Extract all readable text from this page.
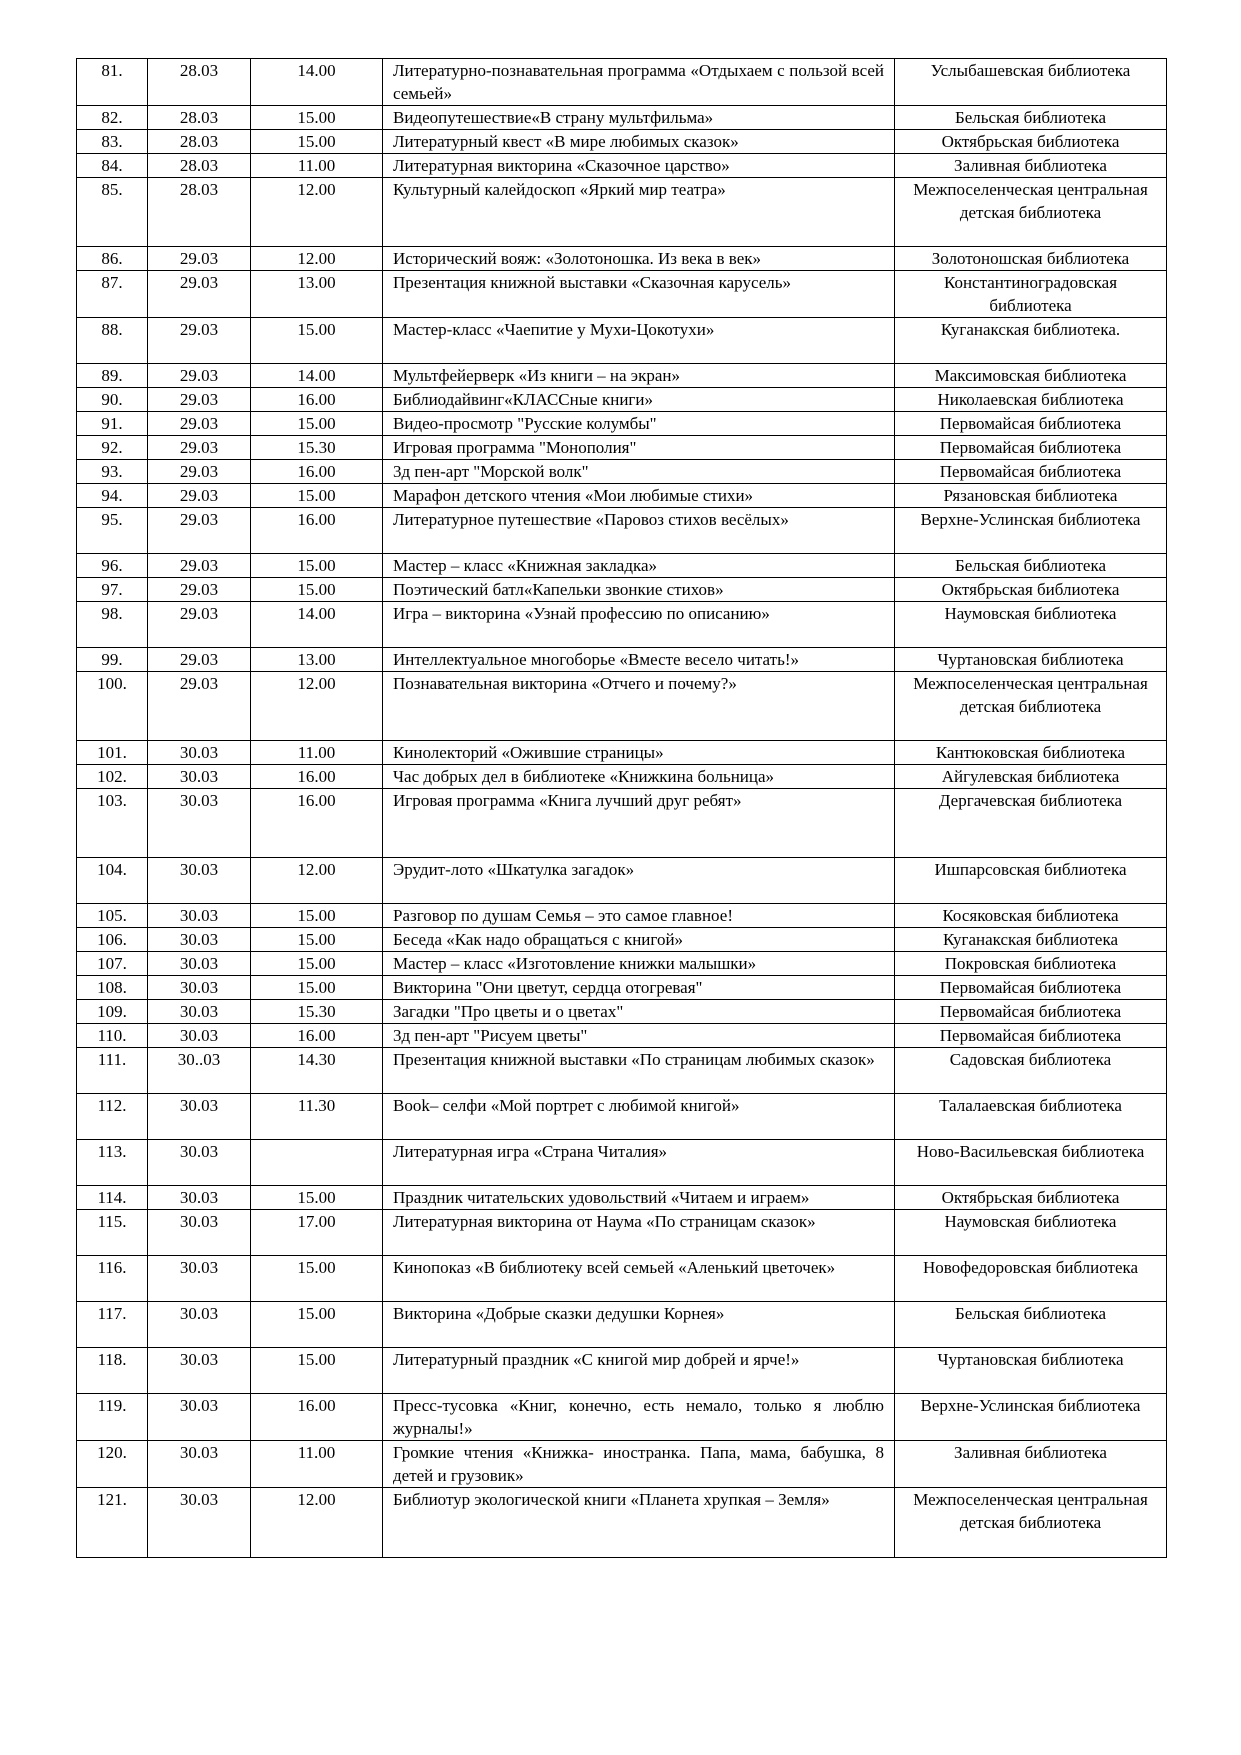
81.	28.03	14.00	Литературно-познавательная программа «Отдыхаем с пользой всей семьей»	Услыбашевская библиотека
82.	28.03	15.00	Видеопутешествие«В страну мультфильма»	Бельская библиотека
83.	28.03	15.00	Литературный квест «В мире любимых сказок»	Октябрьская библиотека
84.	28.03	11.00	Литературная викторина «Сказочное царство»	Заливная библиотека
85.	28.03	12.00	Культурный калейдоскоп «Яркий мир театра»	Межпоселенческая центральная детская библиотека
86.	29.03	12.00	Исторический вояж: «Золотоношка. Из века в век»	Золотоношская библиотека
87.	29.03	13.00	Презентация книжной выставки «Сказочная карусель»	Константиноградовская библиотека
88.	29.03	15.00	Мастер-класс «Чаепитие у Мухи-Цокотухи»	Куганакская библиотека.
89.	29.03	14.00	Мультфейерверк «Из книги – на экран»	Максимовская библиотека
90.	29.03	16.00	Библиодайвинг«КЛАССные книги»	Николаевская библиотека
91.	29.03	15.00	Видео-просмотр "Русские колумбы"	Первомайсая библиотека
92.	29.03	15.30	Игровая программа "Монополия"	Первомайсая библиотека
93.	29.03	16.00	3д пен-арт "Морской волк"	Первомайсая библиотека
94.	29.03	15.00	Марафон детского чтения «Мои любимые стихи»	Рязановская библиотека
95.	29.03	16.00	Литературное путешествие «Паровоз стихов весёлых»	Верхне-Услинская библиотека
96.	29.03	15.00	Мастер – класс «Книжная закладка»	Бельская библиотека
97.	29.03	15.00	Поэтический батл«Капельки звонкие стихов»	Октябрьская библиотека
98.	29.03	14.00	Игра – викторина «Узнай профессию по описанию»	Наумовская библиотека
99.	29.03	13.00	Интеллектуальное многоборье «Вместе весело читать!»	Чуртановская библиотека
100.	29.03	12.00	Познавательная викторина «Отчего и почему?»	Межпоселенческая центральная детская библиотека
101.	30.03	11.00	Кинолекторий «Ожившие страницы»	Кантюковская библиотека
102.	30.03	16.00	Час добрых дел в библиотеке «Книжкина больница»	Айгулевская библиотека
103.	30.03	16.00	Игровая программа «Книга лучший друг ребят»	Дергачевская библиотека
104.	30.03	12.00	Эрудит-лото «Шкатулка загадок»	Ишпарсовская библиотека
105.	30.03	15.00	Разговор по душам Семья – это самое главное!	Косяковская библиотека
106.	30.03	15.00	Беседа «Как надо обращаться с книгой»	Куганакская библиотека
107.	30.03	15.00	Мастер – класс «Изготовление книжки малышки»	Покровская библиотека
108.	30.03	15.00	Викторина "Они цветут, сердца отогревая"	Первомайсая библиотека
109.	30.03	15.30	Загадки "Про цветы и о цветах"	Первомайсая библиотека
110.	30.03	16.00	3д пен-арт "Рисуем цветы"	Первомайсая библиотека
111.	30..03	14.30	Презентация книжной выставки «По страницам любимых сказок»	Садовская библиотека
112.	30.03	11.30	Book– селфи «Мой портрет с любимой книгой»	Талалаевская библиотека
113.	30.03		Литературная игра «Страна Читалия»	Ново-Васильевская библиотека
114.	30.03	15.00	Праздник читательских удовольствий «Читаем и играем»	Октябрьская библиотека
115.	30.03	17.00	Литературная викторина от Наума «По страницам сказок»	Наумовская библиотека
116.	30.03	15.00	Кинопоказ «В библиотеку всей семьей «Аленький цветочек»	Новофедоровская библиотека
117.	30.03	15.00	Викторина «Добрые сказки дедушки Корнея»	Бельская библиотека
118.	30.03	15.00	Литературный праздник «С книгой мир добрей и ярче!»	Чуртановская библиотека
119.	30.03	16.00	Пресс-тусовка «Книг, конечно, есть немало, только я люблю журналы!»	Верхне-Услинская библиотека
120.	30.03	11.00	Громкие чтения «Книжка- иностранка. Папа, мама, бабушка, 8 детей и грузовик»	Заливная библиотека
121.	30.03	12.00	Библиотур экологической книги «Планета хрупкая – Земля»	Межпоселенческая центральная детская библиотека
